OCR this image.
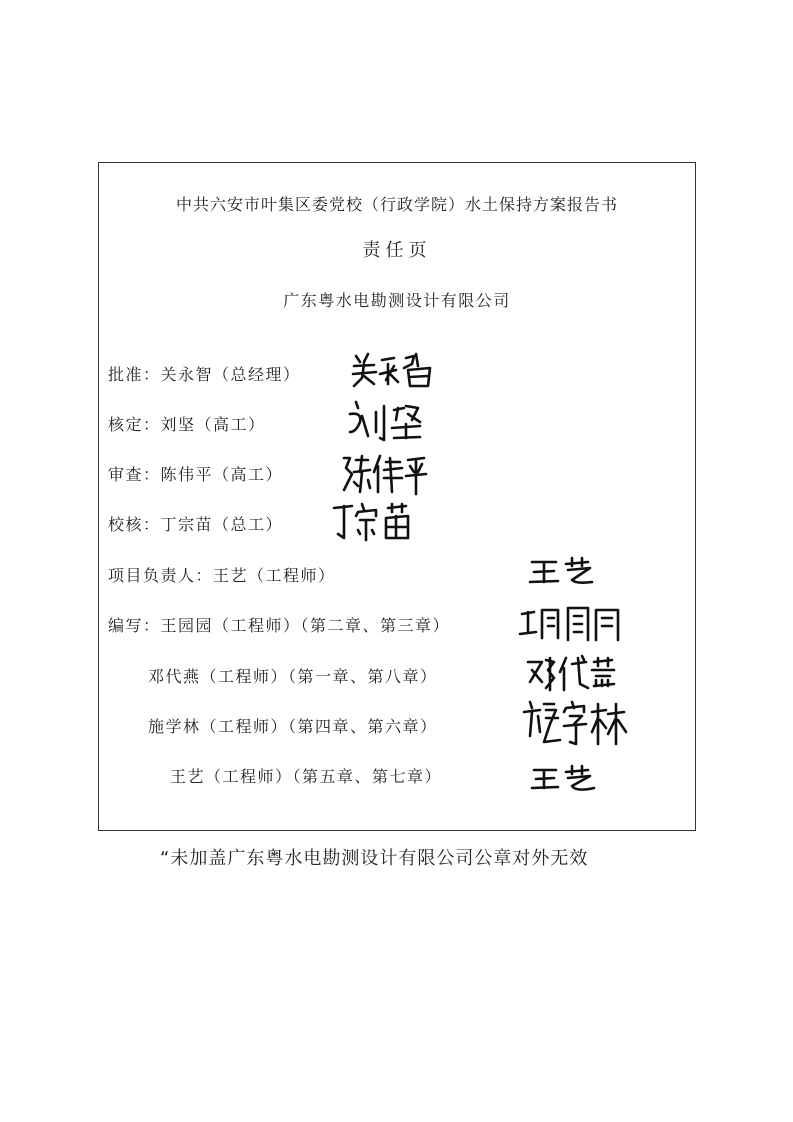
中共六安市叶集区委党校（行政学院）水土保持方案报告书
责任页
广东粤水电勘测设计有限公司
批准：关永智（总经理）
核定：刘坚（高工）
审查：陈伟平（高工）
校核：丁宗苗（总工）
项目负责人：王艺（工程师）
编写：王园园（工程师）（第二章、第三章）
邓代燕（工程师）（第一章、第八章）
施学林（工程师）（第四章、第六章）
王艺（工程师）（第五章、第七章）
“未加盖广东粤水电勘测设计有限公司公章对外无效
